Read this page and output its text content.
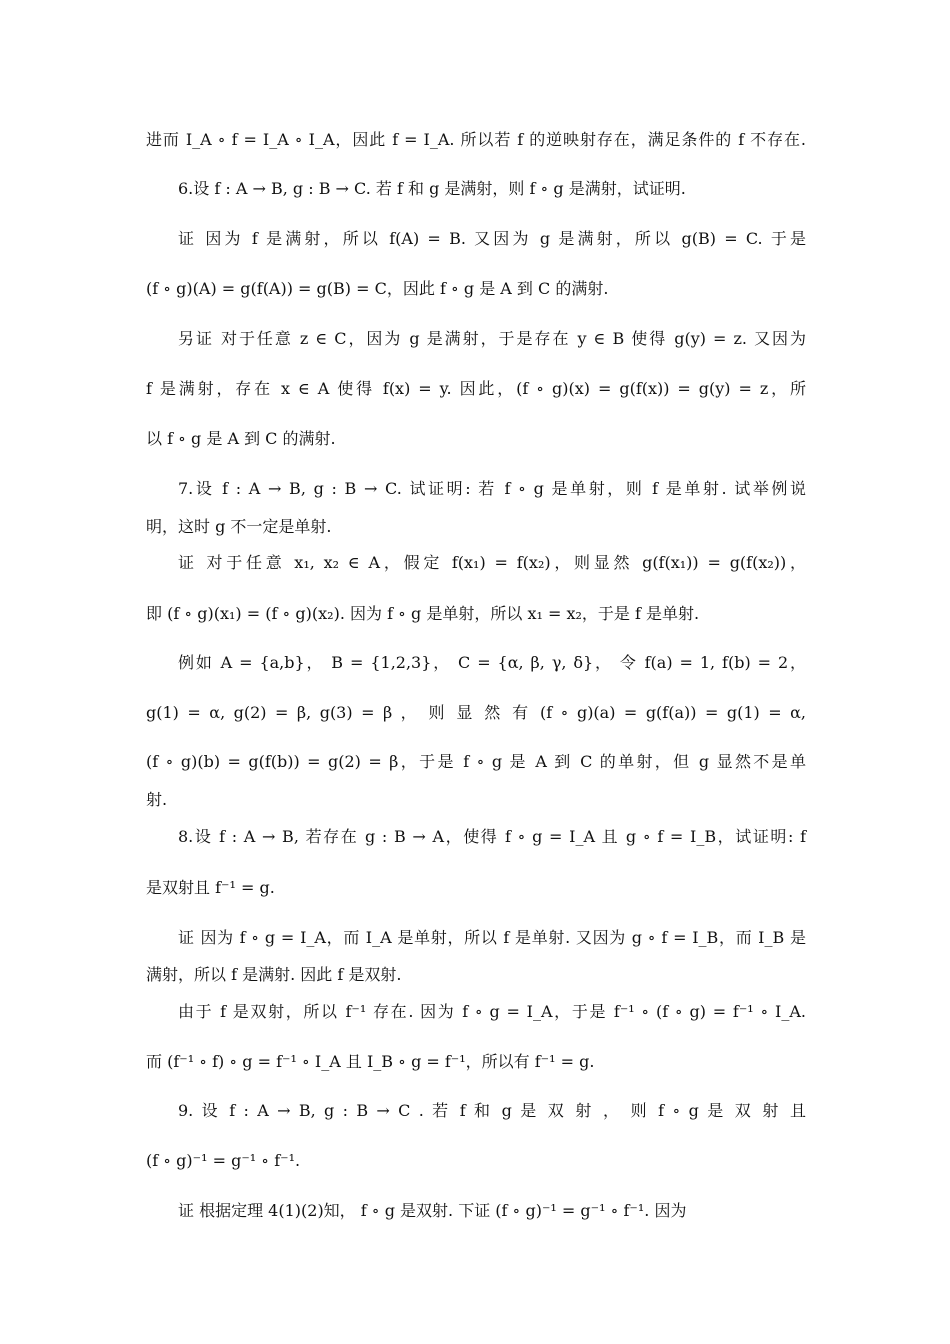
进而 I_A ∘ f = I_A ∘ I_A，因此 f = I_A. 所以若 f 的逆映射存在，满足条件的 f 不存在.
6.设 f : A → B, g : B → C. 若 f 和 g 是满射，则 f ∘ g 是满射，试证明.
证 因为 f 是满射，所以 f(A) = B. 又因为 g 是满射，所以 g(B) = C. 于是
(f ∘ g)(A) = g(f(A)) = g(B) = C，因此 f ∘ g 是 A 到 C 的满射.
另证 对于任意 z ∈ C，因为 g 是满射，于是存在 y ∈ B 使得 g(y) = z. 又因为
f 是满射，存在 x ∈ A 使得 f(x) = y. 因此，(f ∘ g)(x) = g(f(x)) = g(y) = z，所
以 f ∘ g 是 A 到 C 的满射.
7.设 f : A → B, g : B → C. 试证明: 若 f ∘ g 是单射，则 f 是单射. 试举例说
明，这时 g 不一定是单射.
证 对于任意 x₁, x₂ ∈ A，假定 f(x₁) = f(x₂)，则显然 g(f(x₁)) = g(f(x₂))，
即 (f ∘ g)(x₁) = (f ∘ g)(x₂). 因为 f ∘ g 是单射，所以 x₁ = x₂，于是 f 是单射.
例如 A = {a,b}， B = {1,2,3}， C = {α, β, γ, δ}， 令 f(a) = 1, f(b) = 2，
g(1) = α, g(2) = β, g(3) = β ， 则 显 然 有 (f ∘ g)(a) = g(f(a)) = g(1) = α,
(f ∘ g)(b) = g(f(b)) = g(2) = β，于是 f ∘ g 是 A 到 C 的单射，但 g 显然不是单
射.
8.设 f : A → B, 若存在 g : B → A，使得 f ∘ g = I_A 且 g ∘ f = I_B，试证明: f
是双射且 f⁻¹ = g.
证 因为 f ∘ g = I_A，而 I_A 是单射，所以 f 是单射. 又因为 g ∘ f = I_B，而 I_B 是
满射，所以 f 是满射. 因此 f 是双射.
由于 f 是双射，所以 f⁻¹ 存在. 因为 f ∘ g = I_A，于是 f⁻¹ ∘ (f ∘ g) = f⁻¹ ∘ I_A.
而 (f⁻¹ ∘ f) ∘ g = f⁻¹ ∘ I_A 且 I_B ∘ g = f⁻¹，所以有 f⁻¹ = g.
9. 设 f : A → B, g : B → C . 若 f 和 g 是 双 射 ， 则 f ∘ g 是 双 射 且
(f ∘ g)⁻¹ = g⁻¹ ∘ f⁻¹.
证 根据定理 4(1)(2)知， f ∘ g 是双射. 下证 (f ∘ g)⁻¹ = g⁻¹ ∘ f⁻¹. 因为
